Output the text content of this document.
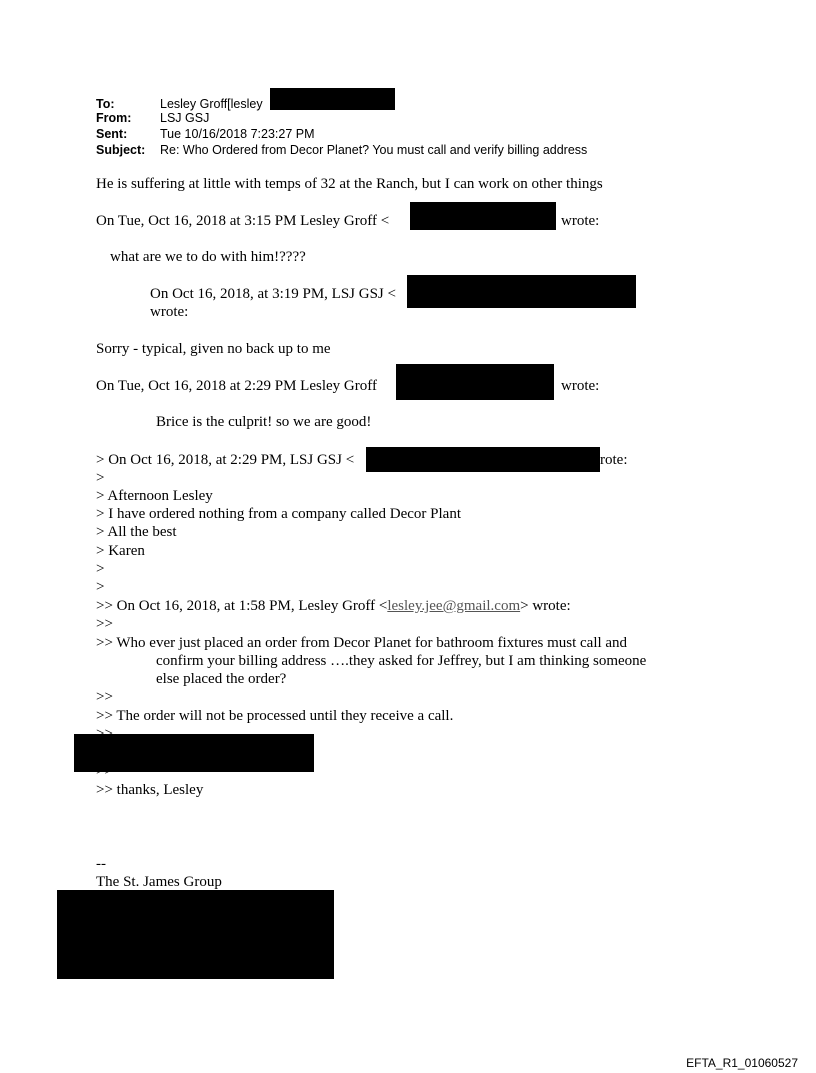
To:	Lesley Groff[lesley
From: LSJ GSJ
Sent:	Tue 10/16/2018 7:23:27 PM
Subject: Re: Who Ordered from Decor Planet? You must call and verify billing address
He is suffering at little with temps of 32 at the Ranch, but I can work on other things
On Tue, Oct 16, 2018 at 3:15 PM Lesley Groff <	wrote:
what are we to do with him!????
On Oct 16, 2018, at 3:19 PM, LSJ GSJ <
wrote:
Sorry - typical, given no back up to me
On Tue, Oct 16, 2018 at 2:29 PM Lesley Groff	wrote:
Brice is the culprit! so we are good!
> On Oct 16, 2018, at 2:29 PM, LSJ GSJ <	rote:
>
> Afternoon Lesley
> I have ordered nothing from a company called Decor Plant
> All the best
> Karen
>
>
>> On Oct 16, 2018, at 1:58 PM, Lesley Groff <lesley.jee@gmail.com> wrote:
>>
>> Who ever just placed an order from Decor Planet for bathroom fixtures must call and
confirm your billing address ….they asked for Jeffrey, but I am thinking someone
else placed the order?
>>
>> The order will not be processed until they receive a call.
>>
>> thanks, Lesley
--
The St. James Group
EFTA_R1_01060527
